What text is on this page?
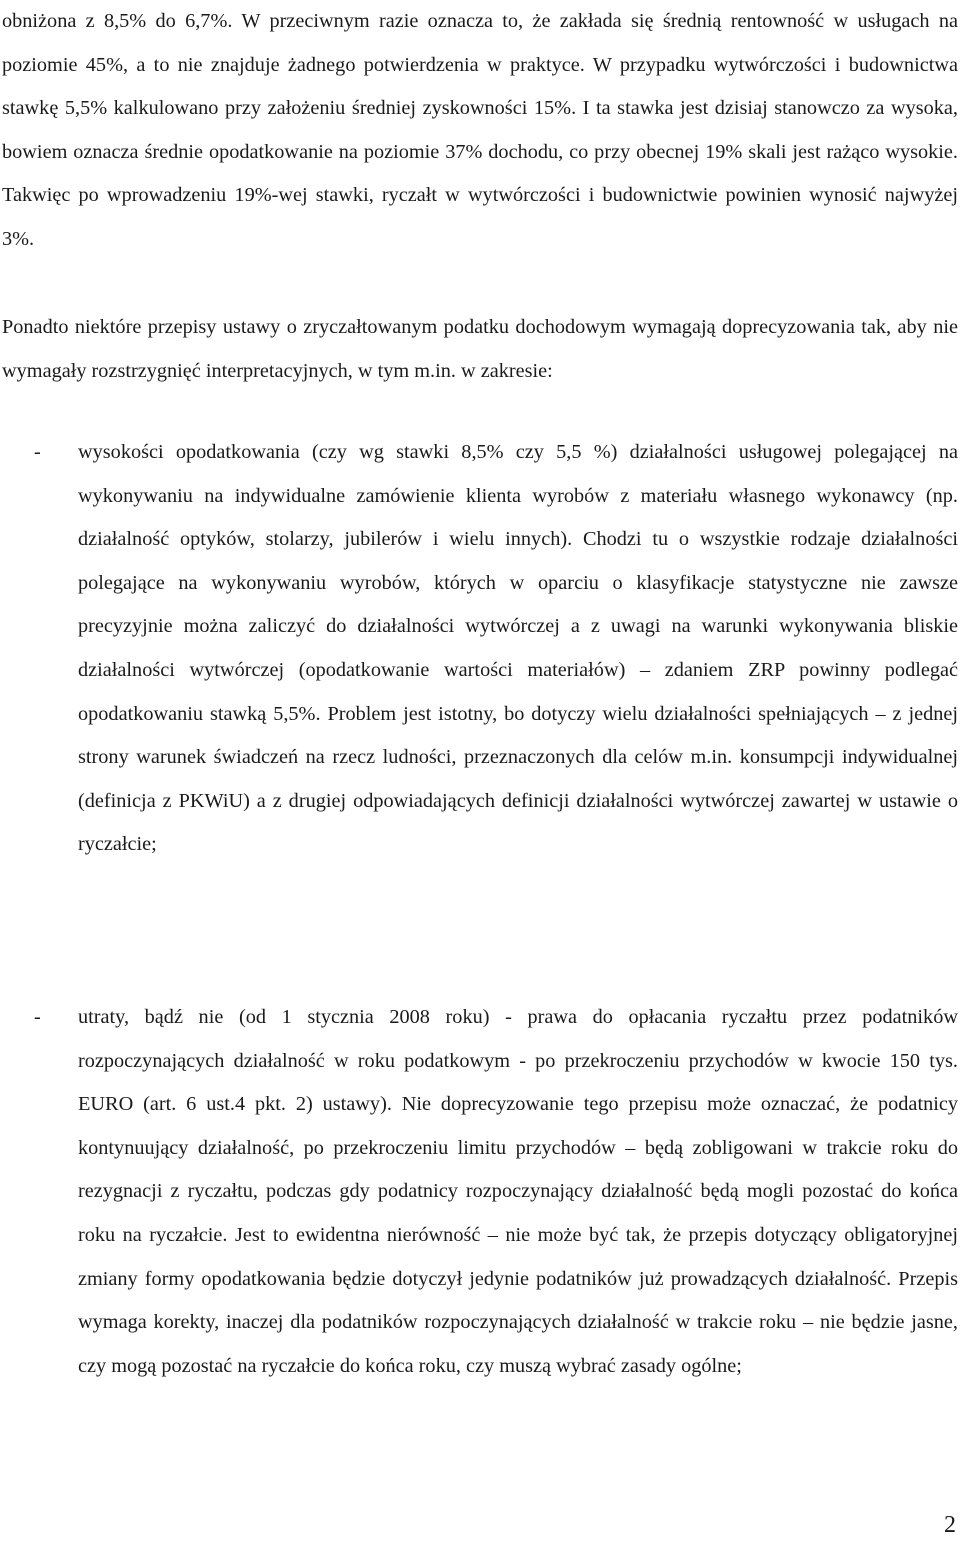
obniżona z 8,5% do 6,7%. W przeciwnym razie oznacza to, że zakłada się średnią rentowność w usługach na poziomie 45%, a to nie znajduje żadnego potwierdzenia w praktyce. W przypadku wytwórczości i budownictwa stawkę 5,5% kalkulowano przy założeniu średniej zyskowności 15%. I ta stawka jest dzisiaj stanowczo za wysoka, bowiem oznacza średnie opodatkowanie na poziomie 37% dochodu, co przy obecnej 19% skali jest rażąco wysokie. Takwięc po wprowadzeniu 19%-wej stawki, ryczałt w wytwórczości i budownictwie powinien wynosić najwyżej 3%.

Ponadto niektóre przepisy ustawy o zryczałtowanym podatku dochodowym wymagają doprecyzowania tak, aby nie wymagały rozstrzygnięć interpretacyjnych, w tym m.in. w zakresie:

-	wysokości opodatkowania (czy wg stawki 8,5% czy 5,5 %) działalności usługowej polegającej na wykonywaniu na indywidualne zamówienie klienta wyrobów z materiału własnego wykonawcy (np. działalność optyków, stolarzy, jubilerów i wielu innych). Chodzi tu o wszystkie rodzaje działalności polegające na wykonywaniu wyrobów, których w oparciu o klasyfikacje statystyczne nie zawsze precyzyjnie można zaliczyć do działalności wytwórczej a z uwagi na warunki wykonywania bliskie działalności wytwórczej (opodatkowanie wartości materiałów) – zdaniem ZRP powinny podlegać opodatkowaniu stawką 5,5%. Problem jest istotny, bo dotyczy wielu działalności spełniających – z jednej strony warunek świadczeń na rzecz ludności, przeznaczonych dla celów m.in. konsumpcji indywidualnej (definicja z PKWiU) a z drugiej odpowiadających definicji działalności wytwórczej zawartej w ustawie o ryczałcie;
-	utraty, bądź nie (od 1 stycznia 2008 roku) - prawa do opłacania ryczałtu przez podatników rozpoczynających działalność w roku podatkowym - po przekroczeniu przychodów w kwocie 150 tys. EURO (art. 6 ust.4 pkt. 2) ustawy). Nie doprecyzowanie tego przepisu może oznaczać, że podatnicy kontynuujący działalność, po przekroczeniu limitu przychodów – będą zobligowani w trakcie roku do rezygnacji z ryczałtu, podczas gdy podatnicy rozpoczynający działalność będą mogli pozostać do końca roku na ryczałcie. Jest to ewidentna nierówność – nie może być tak, że przepis dotyczący obligatoryjnej zmiany formy opodatkowania będzie dotyczył jedynie podatników już prowadzących działalność. Przepis wymaga korekty, inaczej dla podatników rozpoczynających działalność w trakcie roku – nie będzie jasne, czy mogą pozostać na ryczałcie do końca roku, czy muszą wybrać zasady ogólne;
2
